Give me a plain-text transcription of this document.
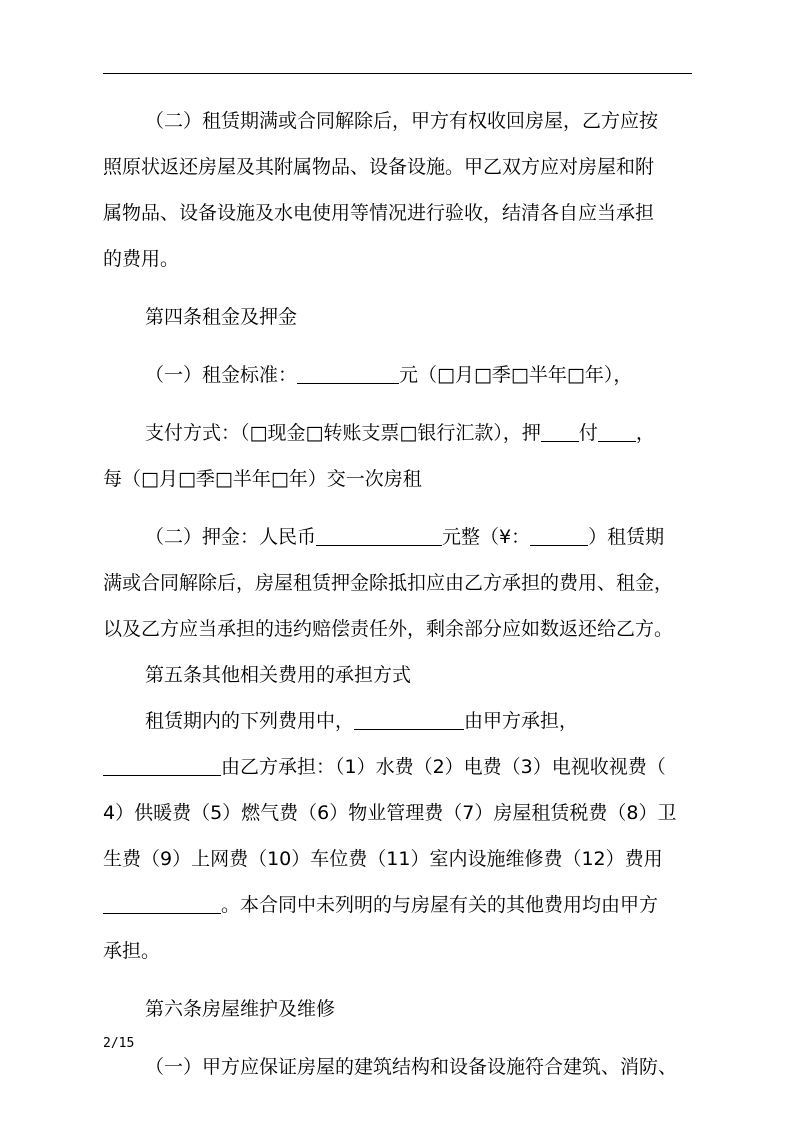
（二）租赁期满或合同解除后，甲方有权收回房屋，乙方应按
照原状返还房屋及其附属物品、设备设施。甲乙双方应对房屋和附
属物品、设备设施及水电使用等情况进行验收，结清各自应当承担
的费用。
第四条租金及押金
（一）租金标准：	元（□月□季□半年□年），
支付方式：（□现金□转账支票□银行汇款），押 付 ，
每（□月□季□半年□年）交一次房租
（二）押金：人民币	元整（¥：	）租赁期
满或合同解除后，房屋租赁押金除抵扣应由乙方承担的费用、租金，
以及乙方应当承担的违约赔偿责任外，剩余部分应如数返还给乙方。
第五条其他相关费用的承担方式
租赁期内的下列费用中，	由甲方承担，
由乙方承担：（1）水费（2）电费（3）电视收视费（
4）供暖费（5）燃气费（6）物业管理费（7）房屋租赁税费（8）卫
生费（9）上网费（10）车位费（11）室内设施维修费（12）费用
。本合同中未列明的与房屋有关的其他费用均由甲方
承担。
第六条房屋维护及维修
（一）甲方应保证房屋的建筑结构和设备设施符合建筑、消防、
2/15
